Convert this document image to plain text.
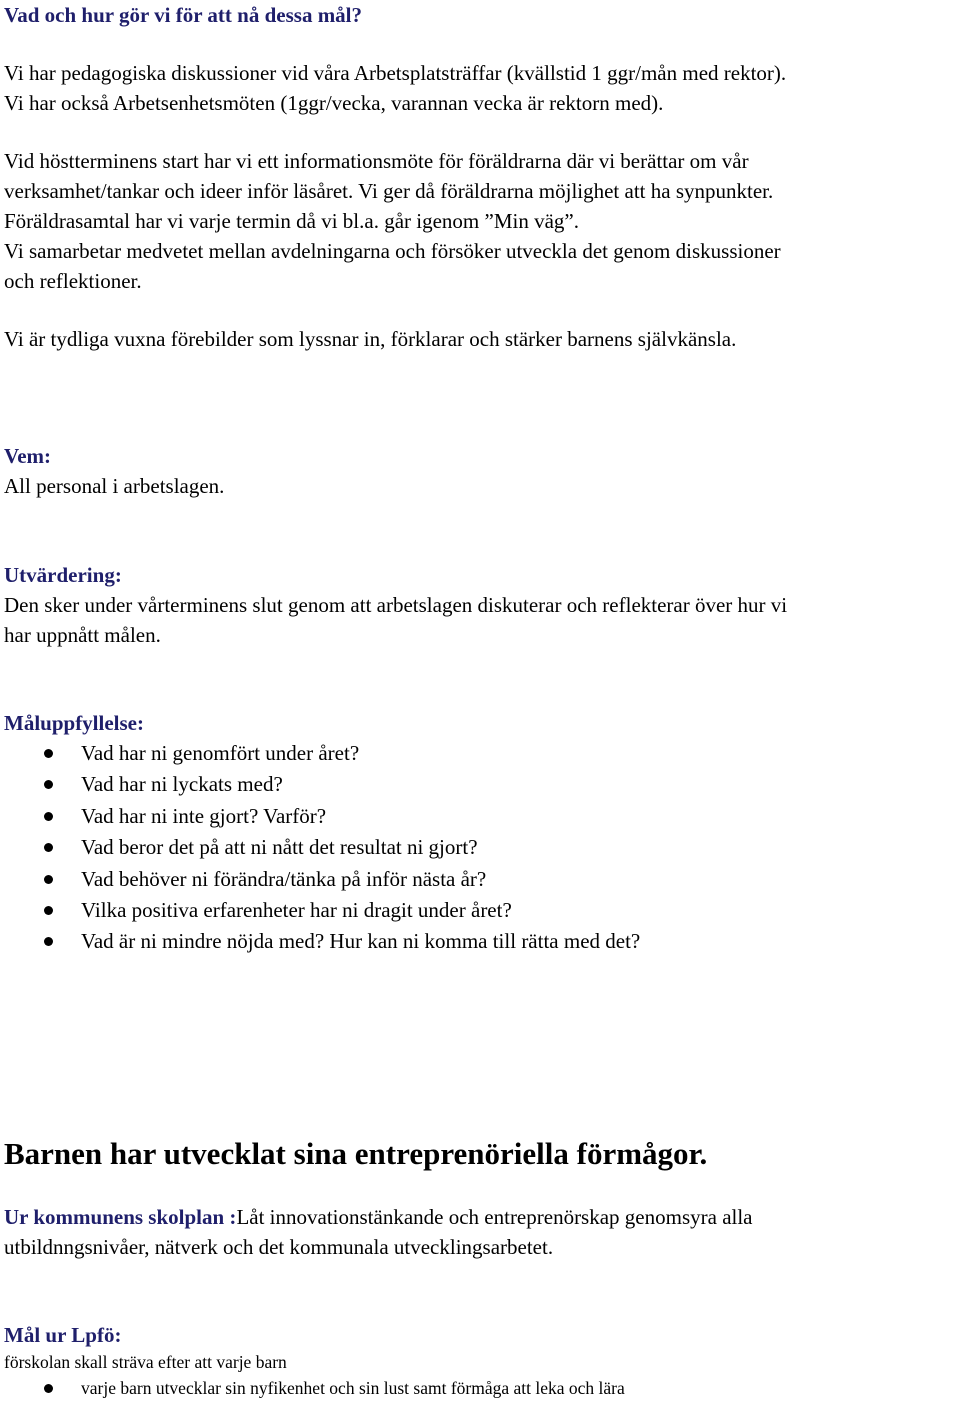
Vad och hur gör vi för att nå dessa mål?
Vi har pedagogiska diskussioner vid våra Arbetsplatsträffar (kvällstid 1 ggr/mån med rektor).
Vi har också Arbetsenhetsmöten (1ggr/vecka, varannan vecka är rektorn med).
Vid höstterminens start har vi ett informationsmöte för föräldrarna där vi berättar om vår
verksamhet/tankar och ideer inför läsåret. Vi ger då föräldrarna möjlighet att ha synpunkter.
Föräldrasamtal har vi varje termin då vi bl.a. går igenom ”Min väg”.
Vi samarbetar medvetet mellan avdelningarna och försöker utveckla det genom diskussioner
och reflektioner.
Vi är tydliga vuxna förebilder som lyssnar in, förklarar och stärker barnens självkänsla.
Vem:
All personal i arbetslagen.
Utvärdering:
Den sker under vårterminens slut genom att arbetslagen diskuterar och reflekterar över hur vi
har uppnått målen.
Måluppfyllelse:
Vad har ni genomfört under året?
Vad har ni lyckats med?
Vad har ni inte gjort? Varför?
Vad beror det på att ni nått det resultat ni gjort?
Vad behöver ni förändra/tänka på inför nästa år?
Vilka positiva erfarenheter har ni dragit under året?
Vad är ni mindre nöjda med? Hur kan ni komma till rätta med det?
Barnen har utvecklat sina entreprenöriella förmågor.
Ur kommunens skolplan :Låt innovationstänkande och entreprenörskap genomsyra alla
utbildnngsnivåer, nätverk och det kommunala utvecklingsarbetet.
Mål ur Lpfö:
förskolan skall sträva efter att varje barn
varje barn utvecklar sin nyfikenhet och sin lust samt förmåga att leka och lära
